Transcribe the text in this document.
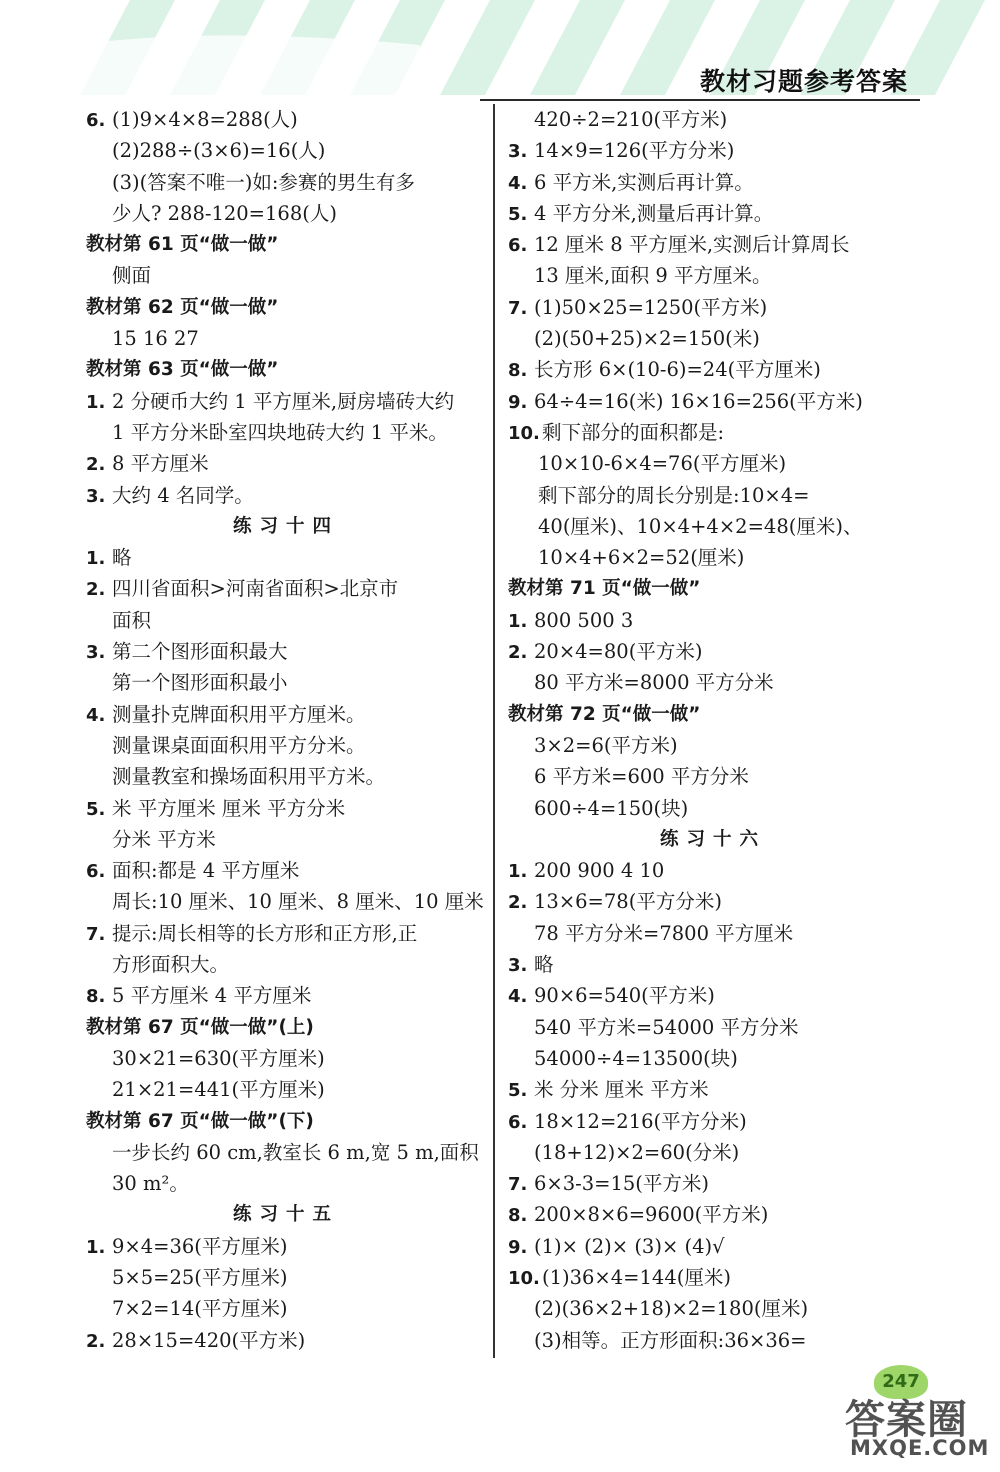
教材习题参考答案
6. (1)9×4×8=288(人)
(2)288÷(3×6)=16(人)
(3)(答案不唯一)如:参赛的男生有多
少人? 288-120=168(人)
教材第 61 页“做一做”
侧面
教材第 62 页“做一做”
15 16 27
教材第 63 页“做一做”
1. 2 分硬币大约 1 平方厘米,厨房墙砖大约
1 平方分米卧室四块地砖大约 1 平米。
2. 8 平方厘米
3. 大约 4 名同学。
练习十四
1. 略
2. 四川省面积>河南省面积>北京市
面积
3. 第二个图形面积最大
第一个图形面积最小
4. 测量扑克牌面积用平方厘米。
测量课桌面面积用平方分米。
测量教室和操场面积用平方米。
5. 米 平方厘米 厘米 平方分米
分米 平方米
6. 面积:都是 4 平方厘米
周长:10 厘米、10 厘米、8 厘米、10 厘米
7. 提示:周长相等的长方形和正方形,正
方形面积大。
8. 5 平方厘米 4 平方厘米
教材第 67 页“做一做”(上)
30×21=630(平方厘米)
21×21=441(平方厘米)
教材第 67 页“做一做”(下)
一步长约 60 cm,教室长 6 m,宽 5 m,面积
30 m²。
练习十五
1. 9×4=36(平方厘米)
5×5=25(平方厘米)
7×2=14(平方厘米)
2. 28×15=420(平方米)
420÷2=210(平方米)
3. 14×9=126(平方分米)
4. 6 平方米,实测后再计算。
5. 4 平方分米,测量后再计算。
6. 12 厘米 8 平方厘米,实测后计算周长
13 厘米,面积 9 平方厘米。
7. (1)50×25=1250(平方米)
(2)(50+25)×2=150(米)
8. 长方形 6×(10-6)=24(平方厘米)
9. 64÷4=16(米) 16×16=256(平方米)
10. 剩下部分的面积都是:
10×10-6×4=76(平方厘米)
剩下部分的周长分别是:10×4=
40(厘米)、10×4+4×2=48(厘米)、
10×4+6×2=52(厘米)
教材第 71 页“做一做”
1. 800 500 3
2. 20×4=80(平方米)
80 平方米=8000 平方分米
教材第 72 页“做一做”
3×2=6(平方米)
6 平方米=600 平方分米
600÷4=150(块)
练习十六
1. 200 900 4 10
2. 13×6=78(平方分米)
78 平方分米=7800 平方厘米
3. 略
4. 90×6=540(平方米)
540 平方米=54000 平方分米
54000÷4=13500(块)
5. 米 分米 厘米 平方米
6. 18×12=216(平方分米)
(18+12)×2=60(分米)
7. 6×3-3=15(平方米)
8. 200×8×6=9600(平方米)
9. (1)× (2)× (3)× (4)√
10. (1)36×4=144(厘米)
(2)(36×2+18)×2=180(厘米)
(3)相等。正方形面积:36×36=
247
答案圈
MXQE.COM
